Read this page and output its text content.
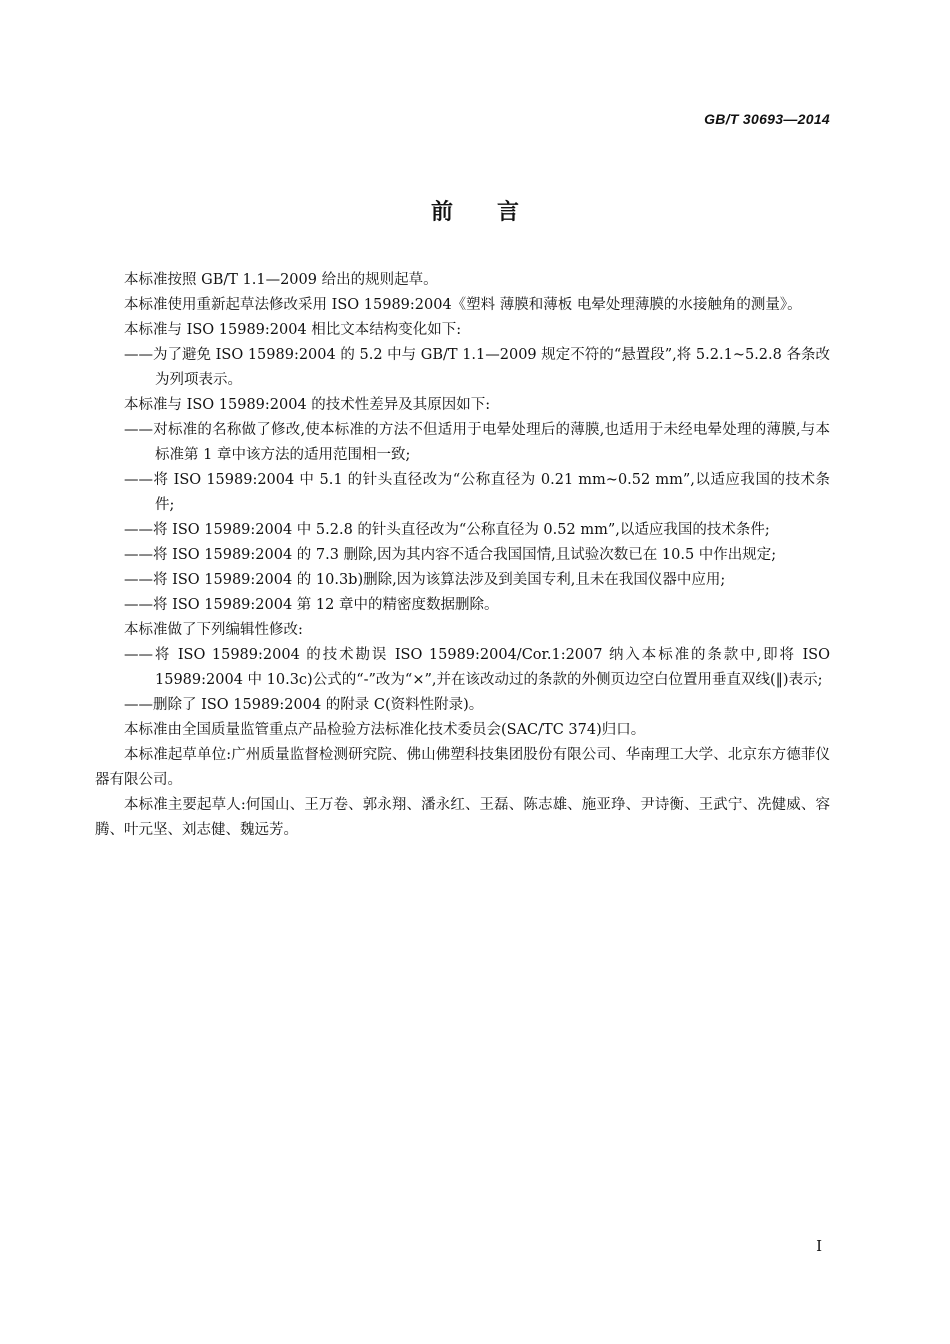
GB/T 30693—2014
前言

本标准按照 GB/T 1.1—2009 给出的规则起草。

本标准使用重新起草法修改采用 ISO 15989:2004《塑料 薄膜和薄板 电晕处理薄膜的水接触角的测量》。

本标准与 ISO 15989:2004 相比文本结构变化如下:

——为了避免 ISO 15989:2004 的 5.2 中与 GB/T 1.1—2009 规定不符的“悬置段”,将 5.2.1~5.2.8 各条改为列项表示。

本标准与 ISO 15989:2004 的技术性差异及其原因如下:

——对标准的名称做了修改,使本标准的方法不但适用于电晕处理后的薄膜,也适用于未经电晕处理的薄膜,与本标准第 1 章中该方法的适用范围相一致;

——将 ISO 15989:2004 中 5.1 的针头直径改为“公称直径为 0.21 mm~0.52 mm”,以适应我国的技术条件;

——将 ISO 15989:2004 中 5.2.8 的针头直径改为“公称直径为 0.52 mm”,以适应我国的技术条件;

——将 ISO 15989:2004 的 7.3 删除,因为其内容不适合我国国情,且试验次数已在 10.5 中作出规定;

——将 ISO 15989:2004 的 10.3b)删除,因为该算法涉及到美国专利,且未在我国仪器中应用;

——将 ISO 15989:2004 第 12 章中的精密度数据删除。

本标准做了下列编辑性修改:

——将 ISO 15989:2004 的技术勘误 ISO 15989:2004/Cor.1:2007 纳入本标准的条款中,即将 ISO 15989:2004 中 10.3c)公式的“-”改为“×”,并在该改动过的条款的外侧页边空白位置用垂直双线(‖)表示;

——删除了 ISO 15989:2004 的附录 C(资料性附录)。

本标准由全国质量监管重点产品检验方法标准化技术委员会(SAC/TC 374)归口。

本标准起草单位:广州质量监督检测研究院、佛山佛塑科技集团股份有限公司、华南理工大学、北京东方德菲仪器有限公司。

本标准主要起草人:何国山、王万卷、郭永翔、潘永红、王磊、陈志雄、施亚琤、尹诗衡、王武宁、冼健威、容腾、叶元坚、刘志健、魏远芳。

I
